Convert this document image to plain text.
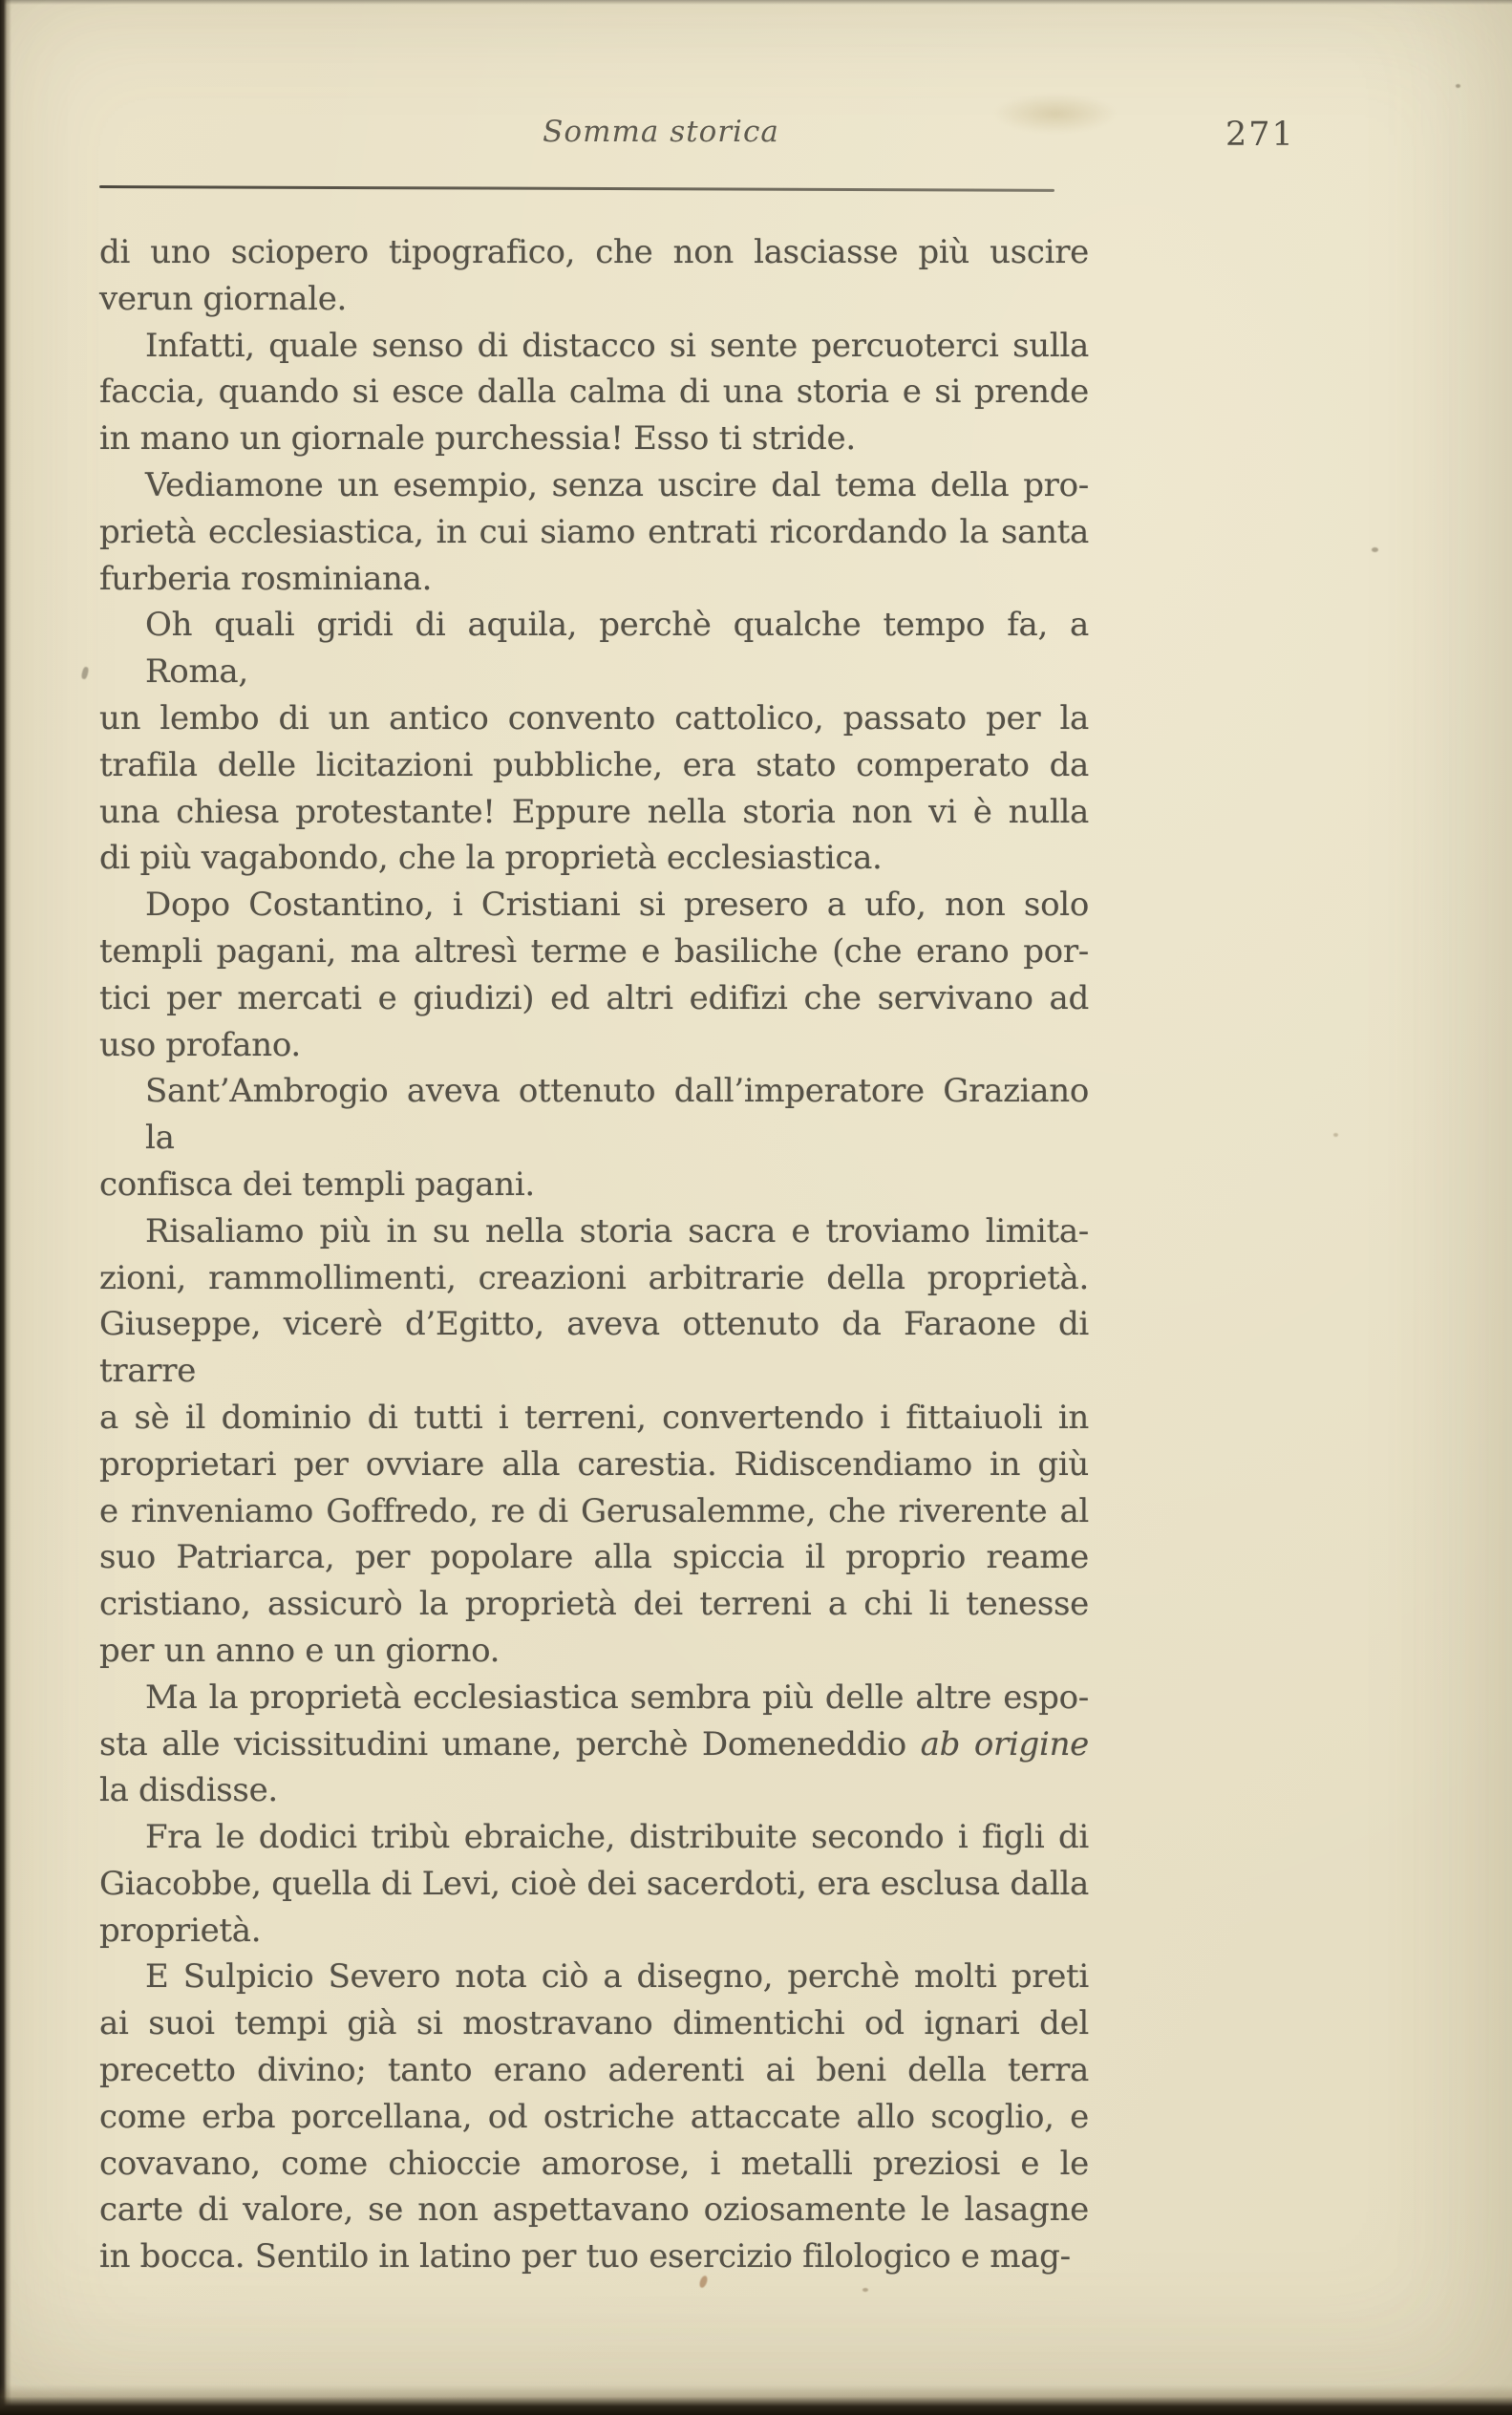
Somma storica	271
di uno sciopero tipografico, che non lasciasse più uscire
verun giornale.
Infatti, quale senso di distacco si sente percuoterci sulla
faccia, quando si esce dalla calma di una storia e si prende
in mano un giornale purchessia! Esso ti stride.
Vediamone un esempio, senza uscire dal tema della pro-
prietà ecclesiastica, in cui siamo entrati ricordando la santa
furberia rosminiana.
Oh quali gridi di aquila, perchè qualche tempo fa, a Roma,
un lembo di un antico convento cattolico, passato per la
trafila delle licitazioni pubbliche, era stato comperato da
una chiesa protestante! Eppure nella storia non vi è nulla
di più vagabondo, che la proprietà ecclesiastica.
Dopo Costantino, i Cristiani si presero a ufo, non solo
templi pagani, ma altresì terme e basiliche (che erano por-
tici per mercati e giudizi) ed altri edifizi che servivano ad
uso profano.
Sant’Ambrogio aveva ottenuto dall’imperatore Graziano la
confisca dei templi pagani.
Risaliamo più in su nella storia sacra e troviamo limita-
zioni, rammollimenti, creazioni arbitrarie della proprietà.
Giuseppe, vicerè d’Egitto, aveva ottenuto da Faraone di trarre
a sè il dominio di tutti i terreni, convertendo i fittaiuoli in
proprietari per ovviare alla carestia. Ridiscendiamo in giù
e rinveniamo Goffredo, re di Gerusalemme, che riverente al
suo Patriarca, per popolare alla spiccia il proprio reame
cristiano, assicurò la proprietà dei terreni a chi li tenesse
per un anno e un giorno.
Ma la proprietà ecclesiastica sembra più delle altre espo-
sta alle vicissitudini umane, perchè Domeneddio ab origine
la disdisse.
Fra le dodici tribù ebraiche, distribuite secondo i figli di
Giacobbe, quella di Levi, cioè dei sacerdoti, era esclusa dalla
proprietà.
E Sulpicio Severo nota ciò a disegno, perchè molti preti
ai suoi tempi già si mostravano dimentichi od ignari del
precetto divino; tanto erano aderenti ai beni della terra
come erba porcellana, od ostriche attaccate allo scoglio, e
covavano, come chioccie amorose, i metalli preziosi e le
carte di valore, se non aspettavano oziosamente le lasagne
in bocca. Sentilo in latino per tuo esercizio filologico e mag-
